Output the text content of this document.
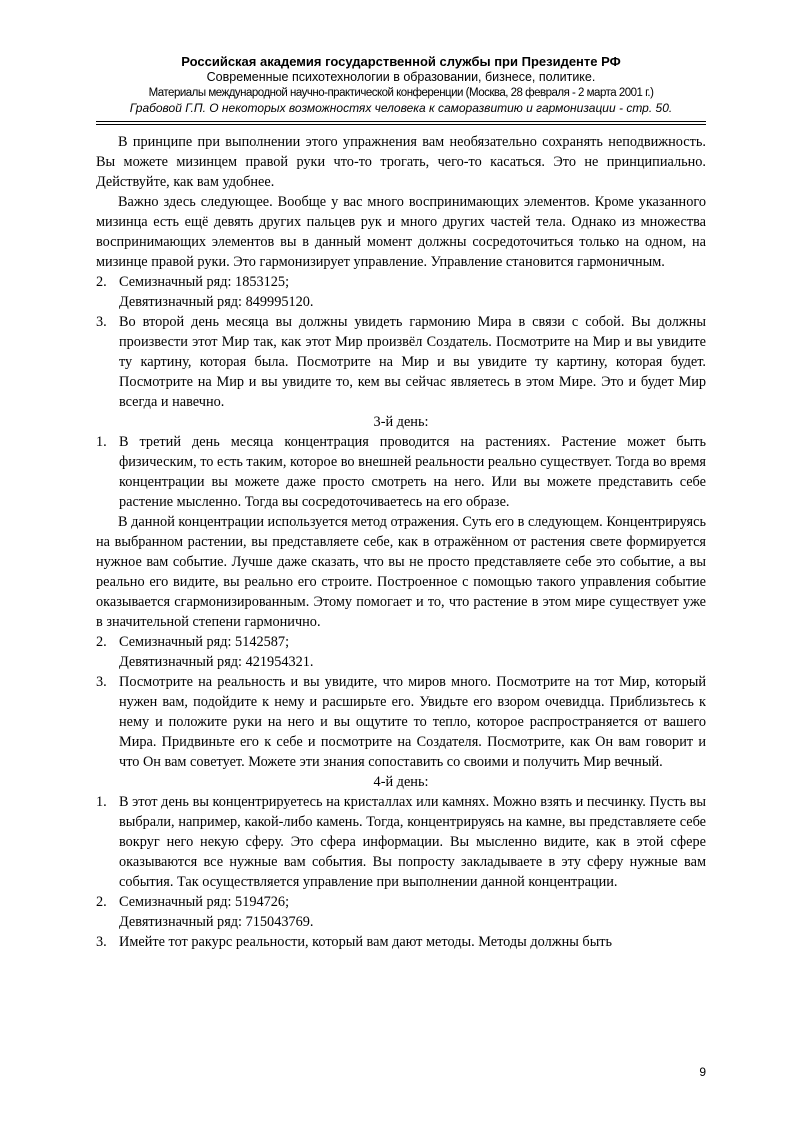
Российская академия государственной службы при Президенте РФ
Современные психотехнологии в образовании, бизнесе, политике.
Материалы международной научно-практической конференции (Москва, 28 февраля - 2 марта 2001 г.)
Грабовой Г.П. О некоторых возможностях человека к саморазвитию и гармонизации - стр. 50.

В принципе при выполнении этого упражнения вам необязательно сохранять неподвижность. Вы можете мизинцем правой руки что-то трогать, чего-то касаться. Это не принципиально. Действуйте, как вам удобнее.

Важно здесь следующее. Вообще у вас много воспринимающих элементов. Кроме указанного мизинца есть ещё девять других пальцев рук и много других частей тела. Однако из множества воспринимающих элементов вы в данный момент должны сосредоточиться только на одном, на мизинце правой руки. Это гармонизирует управление. Управление становится гармоничным.

2. Семизначный ряд: 1853125;
Девятизначный ряд: 849995120.
3. Во второй день месяца вы должны увидеть гармонию Мира в связи с собой. Вы должны произвести этот Мир так, как этот Мир произвёл Создатель. Посмотрите на Мир и вы увидите ту картину, которая была. Посмотрите на Мир и вы увидите ту картину, которая будет. Посмотрите на Мир и вы увидите то, кем вы сейчас являетесь в этом Мире. Это и будет Мир всегда и навечно.

3-й день:

1. В третий день месяца концентрация проводится на растениях. Растение может быть физическим, то есть таким, которое во внешней реальности реально существует. Тогда во время концентрации вы можете даже просто смотреть на него. Или вы можете представить себе растение мысленно. Тогда вы сосредоточиваетесь на его образе.

В данной концентрации используется метод отражения. Суть его в следующем. Концентрируясь на выбранном растении, вы представляете себе, как в отражённом от растения свете формируется нужное вам событие. Лучше даже сказать, что вы не просто представляете себе это событие, а вы реально его видите, вы реально его строите. Построенное с помощью такого управления событие оказывается сгармонизированным. Этому помогает и то, что растение в этом мире существует уже в значительной степени гармонично.

2. Семизначный ряд: 5142587;
Девятизначный ряд: 421954321.
3. Посмотрите на реальность и вы увидите, что миров много. Посмотрите на тот Мир, который нужен вам, подойдите к нему и расширьте его. Увидьте его взором очевидца. Приблизьтесь к нему и положите руки на него и вы ощутите то тепло, которое распространяется от вашего Мира. Придвиньте его к себе и посмотрите на Создателя. Посмотрите, как Он вам говорит и что Он вам советует. Можете эти знания сопоставить со своими и получить Мир вечный.

4-й день:

1. В этот день вы концентрируетесь на кристаллах или камнях. Можно взять и песчинку. Пусть вы выбрали, например, какой-либо камень. Тогда, концентрируясь на камне, вы представляете себе вокруг него некую сферу. Это сфера информации. Вы мысленно видите, как в этой сфере оказываются все нужные вам события. Вы попросту закладываете в эту сферу нужные вам события. Так осуществляется управление при выполнении данной концентрации.
2. Семизначный ряд: 5194726;
Девятизначный ряд: 715043769.
3. Имейте тот ракурс реальности, который вам дают методы. Методы должны быть
9
